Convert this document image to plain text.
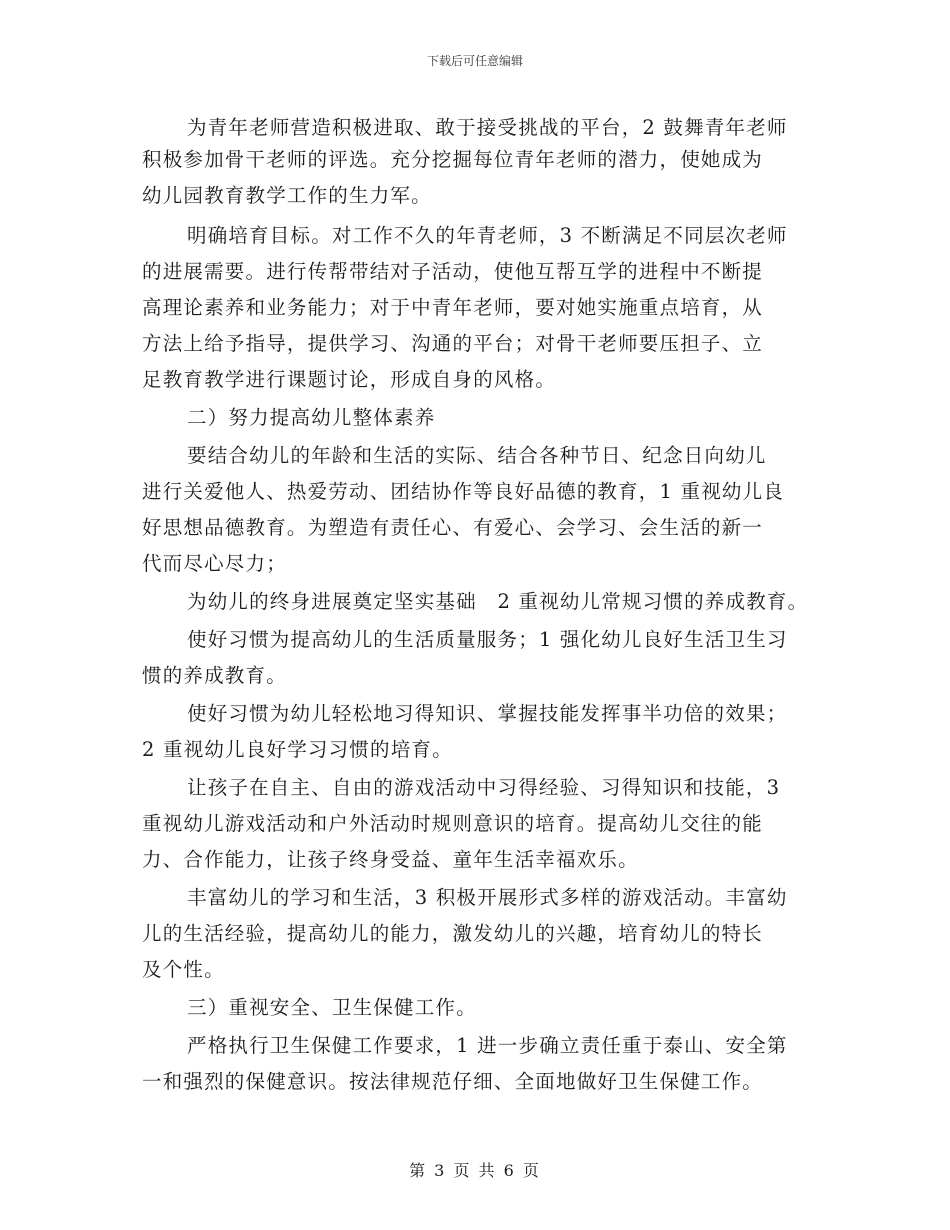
下载后可任意编辑
为青年老师营造积极进取、敢于接受挑战的平台，2 鼓舞青年老师
积极参加骨干老师的评选。充分挖掘每位青年老师的潜力，使她成为
幼儿园教育教学工作的生力军。
明确培育目标。对工作不久的年青老师，3 不断满足不同层次老师
的进展需要。进行传帮带结对子活动，使他互帮互学的进程中不断提
高理论素养和业务能力；对于中青年老师，要对她实施重点培育，从
方法上给予指导，提供学习、沟通的平台；对骨干老师要压担子、立
足教育教学进行课题讨论，形成自身的风格。
二）努力提高幼儿整体素养
要结合幼儿的年龄和生活的实际、结合各种节日、纪念日向幼儿
进行关爱他人、热爱劳动、团结协作等良好品德的教育，1 重视幼儿良
好思想品德教育。为塑造有责任心、有爱心、会学习、会生活的新一
代而尽心尽力；
为幼儿的终身进展奠定坚实基础　2 重视幼儿常规习惯的养成教育。
使好习惯为提高幼儿的生活质量服务；1 强化幼儿良好生活卫生习
惯的养成教育。
使好习惯为幼儿轻松地习得知识、掌握技能发挥事半功倍的效果；
2 重视幼儿良好学习习惯的培育。
让孩子在自主、自由的游戏活动中习得经验、习得知识和技能，3
重视幼儿游戏活动和户外活动时规则意识的培育。提高幼儿交往的能
力、合作能力，让孩子终身受益、童年生活幸福欢乐。
丰富幼儿的学习和生活，3 积极开展形式多样的游戏活动。丰富幼
儿的生活经验，提高幼儿的能力，激发幼儿的兴趣，培育幼儿的特长
及个性。
三）重视安全、卫生保健工作。
严格执行卫生保健工作要求，1 进一步确立责任重于泰山、安全第
一和强烈的保健意识。按法律规范仔细、全面地做好卫生保健工作。
第 3 页 共 6 页
